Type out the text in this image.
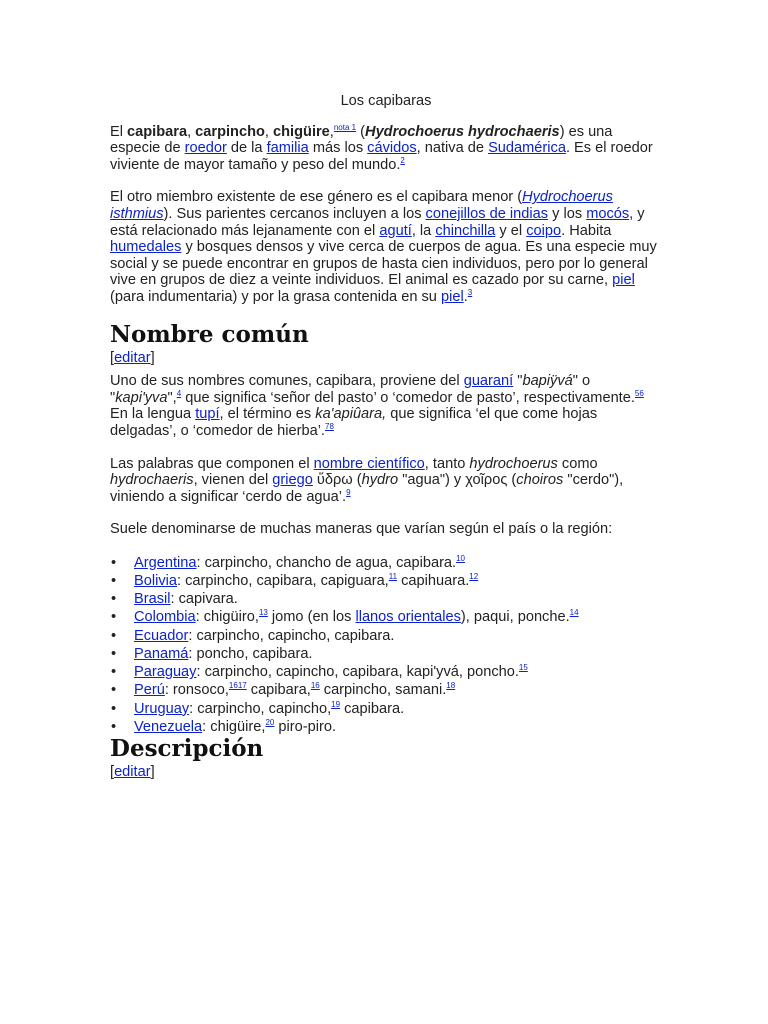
Los capibaras

El capibara, carpincho, chigüire,$^{nota 1}$ (Hydrochoerus hydrochaeris) es una especie de roedor de la familia más los cávidos, nativa de Sudamérica. Es el roedor viviente de mayor tamaño y peso del mundo.$^2$

El otro miembro existente de ese género es el capibara menor (Hydrochoerus isthmius). Sus parientes cercanos incluyen a los conejillos de indias y los mocós, y está relacionado más lejanamente con el agutí, la chinchilla y el coipo. Habita humedales y bosques densos y vive cerca de cuerpos de agua. Es una especie muy social y se puede encontrar en grupos de hasta cien individuos, pero por lo general vive en grupos de diez a veinte individuos. El animal es cazado por su carne, piel (para indumentaria) y por la grasa contenida en su piel.$^3$

Nombre común
[editar]

Uno de sus nombres comunes, capibara, proviene del guaraní "bapiÿvá" o "kapi'yva",$^4$ que significa ‘señor del pasto’ o ‘comedor de pasto’, respectivamente.$^{56}$ En la lengua tupí, el término es ka'apiûara, que significa ‘el que come hojas delgadas’, o ‘comedor de hierba’.$^{78}$

Las palabras que componen el nombre científico, tanto hydrochoerus como hydrochaeris, vienen del griego ὕδρω (hydro "agua") y χοῖρος (choiros "cerdo"), viniendo a significar ‘cerdo de agua’.$^9$

Suele denominarse de muchas maneras que varían según el país o la región:

• Argentina: carpincho, chancho de agua, capibara.$^{10}$
• Bolivia: carpincho, capibara, capiguara,$^{11}$ capihuara.$^{12}$
• Brasil: capivara.
• Colombia: chigüiro,$^{13}$ jomo (en los llanos orientales), paqui, ponche.$^{14}$
• Ecuador: carpincho, capincho, capibara.
• Panamá: poncho, capibara.
• Paraguay: carpincho, capincho, capibara, kapi'yvá, poncho.$^{15}$
• Perú: ronsoco,$^{1617}$ capibara,$^{16}$ carpincho, samani.$^{18}$
• Uruguay: carpincho, capincho,$^{19}$ capibara.
• Venezuela: chigüire,$^{20}$ piro-piro.
Descripción
[editar]
